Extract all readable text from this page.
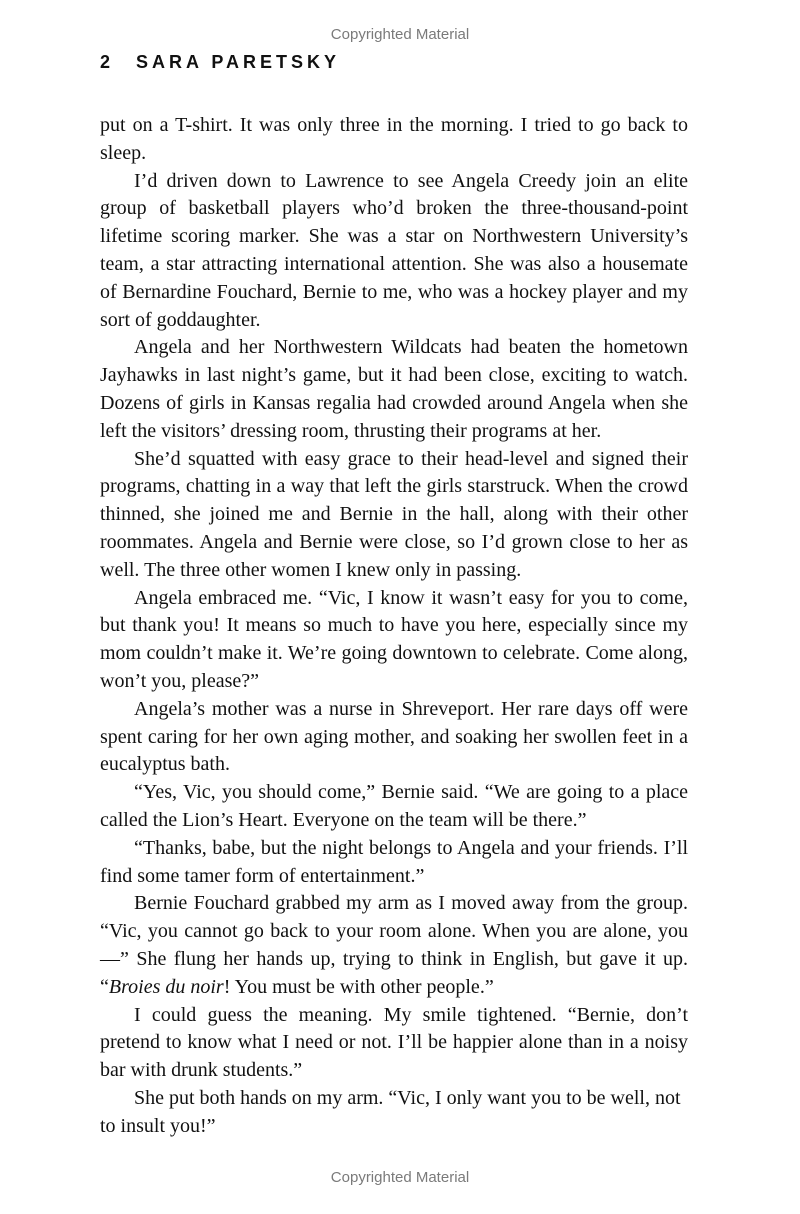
Copyrighted Material
2 SARA PARETSKY

put on a T-shirt. It was only three in the morning. I tried to go back to sleep.

I’d driven down to Lawrence to see Angela Creedy join an elite group of basketball players who’d broken the three-thousand-point lifetime scoring marker. She was a star on Northwestern University’s team, a star attracting international attention. She was also a housemate of Bernardine Fouchard, Bernie to me, who was a hockey player and my sort of goddaughter.

Angela and her Northwestern Wildcats had beaten the hometown Jayhawks in last night’s game, but it had been close, exciting to watch. Dozens of girls in Kansas regalia had crowded around Angela when she left the visitors’ dressing room, thrusting their programs at her.

She’d squatted with easy grace to their head-level and signed their programs, chatting in a way that left the girls starstruck. When the crowd thinned, she joined me and Bernie in the hall, along with their other roommates. Angela and Bernie were close, so I’d grown close to her as well. The three other women I knew only in passing.

Angela embraced me. “Vic, I know it wasn’t easy for you to come, but thank you! It means so much to have you here, especially since my mom couldn’t make it. We’re going downtown to celebrate. Come along, won’t you, please?”

Angela’s mother was a nurse in Shreveport. Her rare days off were spent caring for her own aging mother, and soaking her swollen feet in a eucalyptus bath.

“Yes, Vic, you should come,” Bernie said. “We are going to a place called the Lion’s Heart. Everyone on the team will be there.”

“Thanks, babe, but the night belongs to Angela and your friends. I’ll find some tamer form of entertainment.”

Bernie Fouchard grabbed my arm as I moved away from the group. “Vic, you cannot go back to your room alone. When you are alone, you—” She flung her hands up, trying to think in English, but gave it up. “Broies du noir! You must be with other people.”

I could guess the meaning. My smile tightened. “Bernie, don’t pretend to know what I need or not. I’ll be happier alone than in a noisy bar with drunk students.”

She put both hands on my arm. “Vic, I only want you to be well, not to insult you!”

Copyrighted Material
